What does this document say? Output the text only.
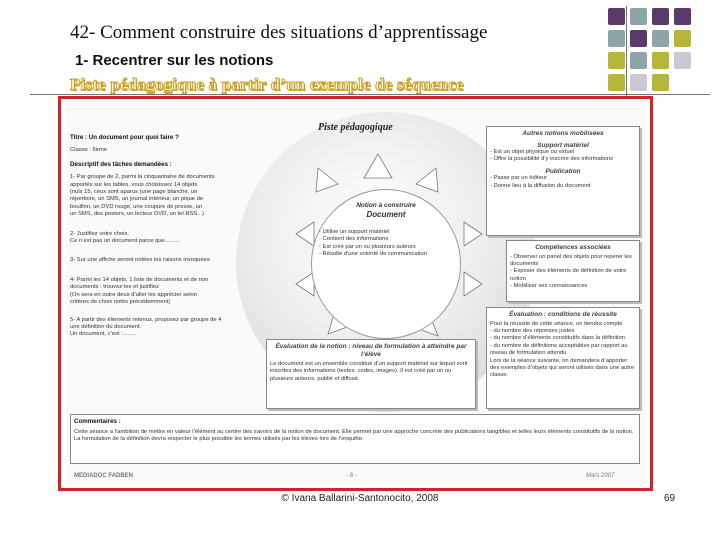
42- Comment construire des situations d’apprentissage
1- Recentrer sur les notions
Piste pédagogique à partir d’un exemple de séquence
Piste pédagogique
Titre : Un document pour quoi faire ?
Classe : 6ème
Descriptif des tâches demandées :
1- Par groupe de 2, parmi la cinquantaine de documents
apportés sur les tables, vous choisissez 14 objets
(nuls 15, ceux sont aparus (une page blanche, un
répertoire, un SMS, un journal intérieur, un pique de
bouillon, un DVD rouge, une coupure de presse, un
un SMS, des posters, un lecteur DVD, un tel RSS...)
2- Justifiez votre choix.
Ce n’est pas un document parce que.........
3- Sur une affiche seront notées les raisons invoquées
4- Parmi les 14 objets, 1 liste de documents et de non
documents : trouvez-les et justifiez
(On sera en outre deux d’aller les apprécier selon
critères de choix notés précédemment)
5- A partir des éléments retenus, proposez par groupe de 4
une définition du document.
Un document, c’est :........
Notion à construire
Document
- Utilise un support matériel
- Contient des informations
- Est créé par un ou plusieurs auteurs
- Résulte d’une volonté de communication
Autres notions mobilisées
Support matériel
- Est un objet physique ou virtuel
- Offre la possibilité d’y inscrire des informations
Publication
- Passe par un éditeur
- Donne lieu à la diffusion du document
Compétences associées
- Observer un panel des objets pour repérer les documents
- Exposer des éléments de définition de votre notion
- Mobiliser ses connaissances
Évaluation : conditions de réussite
Pour la réussite de cette séance, on tiendra compte
- du nombre des réponses justes
- du nombre d’éléments constitutifs dans la définition
- du nombre de définitions acceptables par rapport au niveau de formulation attendu
Lors de la séance suivante, on demandera d’apporter des exemples d’objets qui seront utilisés dans une autre classe.
Évaluation de la notion : niveau de formulation à atteindre par l’élève
Le document est un ensemble constitué d’un support matériel sur lequel sont inscrites des informations (textes, codes, images). Il est créé par un ou plusieurs auteurs, publié et diffusé.
Commentaires :
Cette séance a l’ambition de mettre en valeur l’élément au centre des savoirs de la notion de document. Elle permet par une approche concrète des publications tangibles et telles leurs éléments constitutifs de la notion. La formulation de la définition devra respecter le plus possible les termes utilisés par les élèves lors de l’enquête.
MEDIADOC FADBEN	- 8 -	Mars 2007
© Ivana Ballarini-Santonocito, 2008	69
